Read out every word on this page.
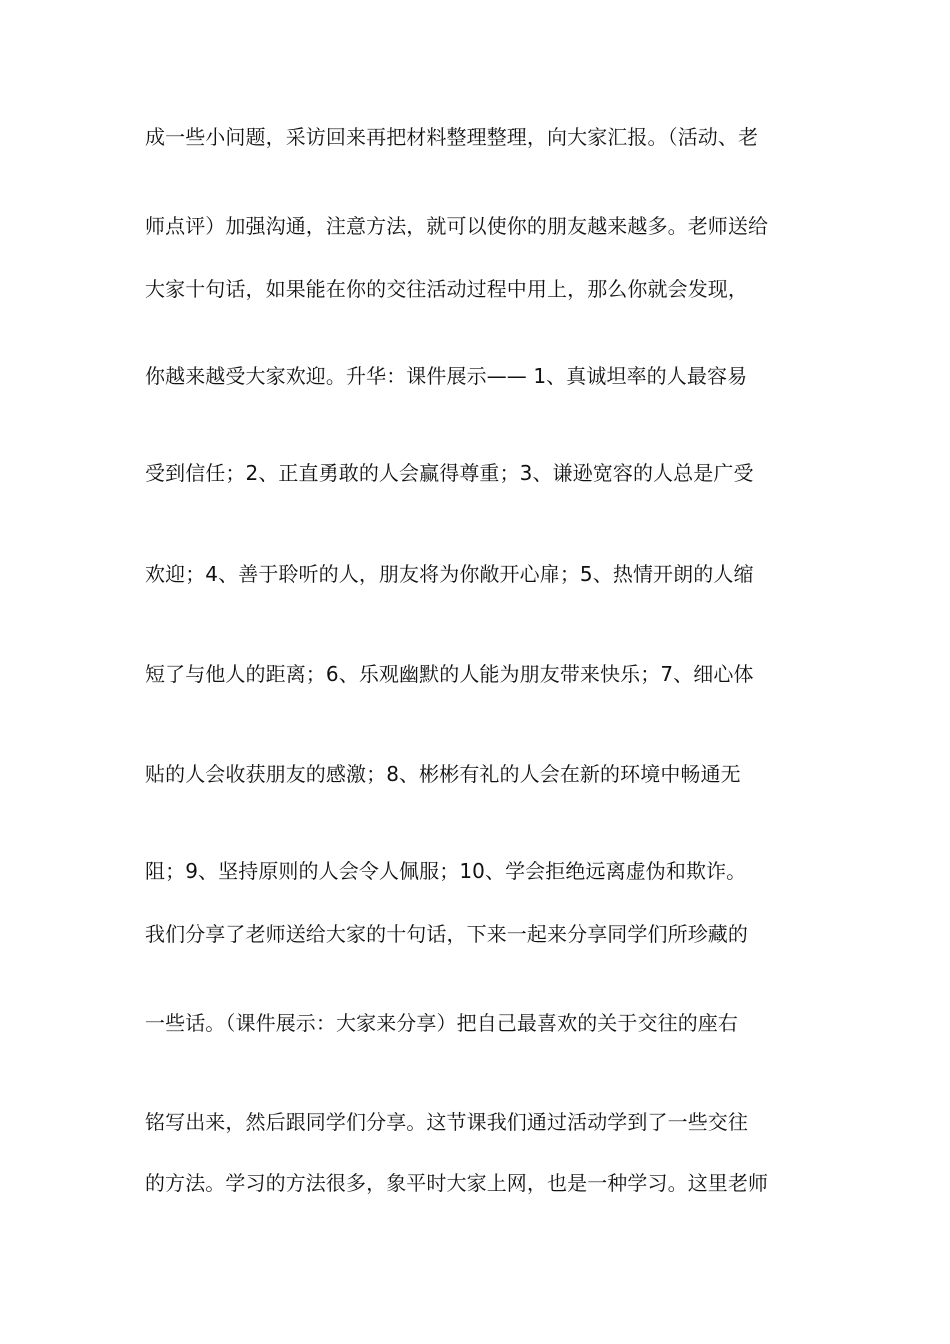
成一些小问题，采访回来再把材料整理整理，向大家汇报。（活动、老
师点评）加强沟通，注意方法，就可以使你的朋友越来越多。老师送给
大家十句话，如果能在你的交往活动过程中用上，那么你就会发现，
你越来越受大家欢迎。升华：课件展示—— 1、真诚坦率的人最容易
受到信任；2、正直勇敢的人会赢得尊重；3、谦逊宽容的人总是广受
欢迎；4、善于聆听的人，朋友将为你敞开心扉；5、热情开朗的人缩
短了与他人的距离；6、乐观幽默的人能为朋友带来快乐；7、细心体
贴的人会收获朋友的感激；8、彬彬有礼的人会在新的环境中畅通无
阻；9、坚持原则的人会令人佩服；10、学会拒绝远离虚伪和欺诈。
我们分享了老师送给大家的十句话，下来一起来分享同学们所珍藏的
一些话。（课件展示：大家来分享）把自己最喜欢的关于交往的座右
铭写出来，然后跟同学们分享。这节课我们通过活动学到了一些交往
的方法。学习的方法很多，象平时大家上网，也是一种学习。这里老师
